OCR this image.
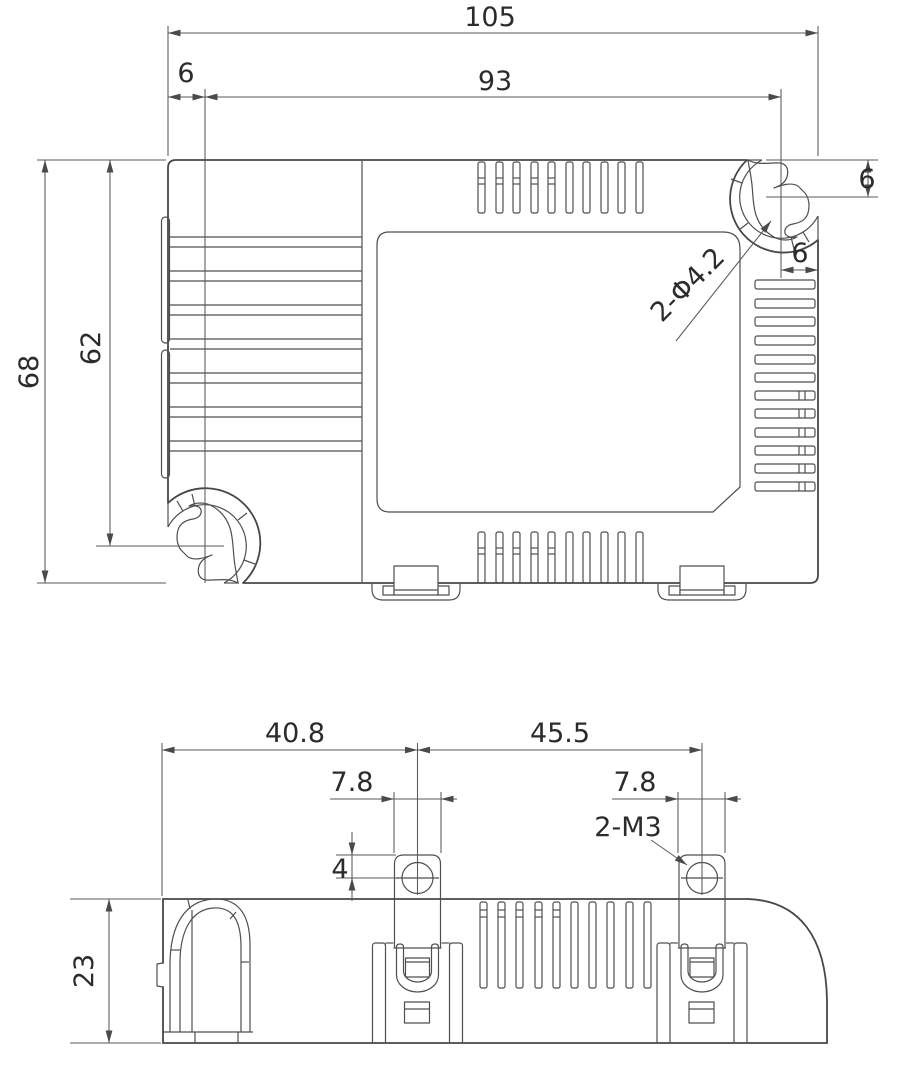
105
93
6
68
62
6
6
2-Φ4.2
40.8	45.5
7.8	7.8
4
23
2-M3
